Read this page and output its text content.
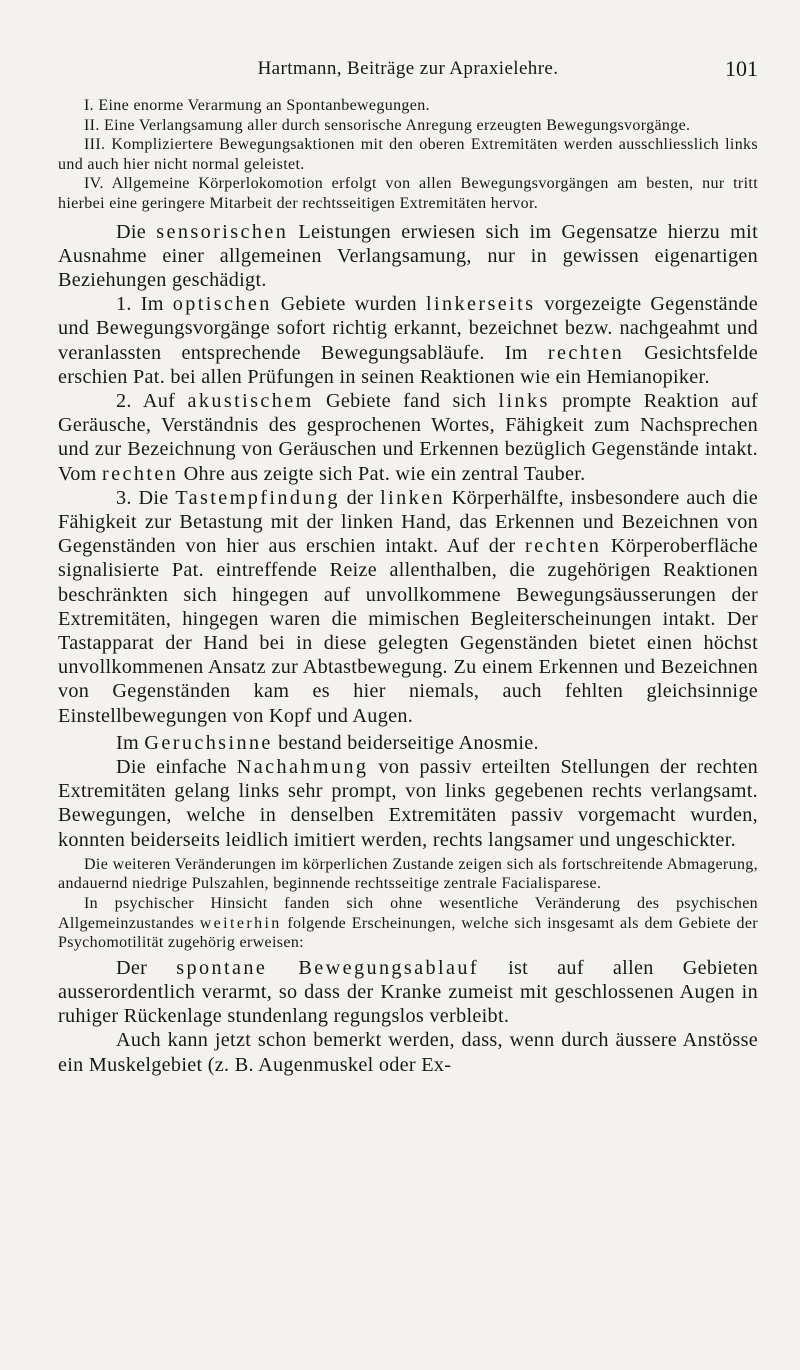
Hartmann, Beiträge zur Apraxielehre.	101

I. Eine enorme Verarmung an Spontanbewegungen.

II. Eine Verlangsamung aller durch sensorische Anregung erzeugten Bewegungsvorgänge.

III. Kompliziertere Bewegungsaktionen mit den oberen Extremitäten werden ausschliesslich links und auch hier nicht normal geleistet.

IV. Allgemeine Körperlokomotion erfolgt von allen Bewegungsvorgängen am besten, nur tritt hierbei eine geringere Mitarbeit der rechtsseitigen Extremitäten hervor.

Die sensorischen Leistungen erwiesen sich im Gegensatze hierzu mit Ausnahme einer allgemeinen Verlangsamung, nur in gewissen eigenartigen Beziehungen geschädigt.

1. Im optischen Gebiete wurden linkerseits vorgezeigte Gegenstände und Bewegungsvorgänge sofort richtig erkannt, bezeichnet bezw. nachgeahmt und veranlassten entsprechende Bewegungsabläufe. Im rechten Gesichtsfelde erschien Pat. bei allen Prüfungen in seinen Reaktionen wie ein Hemianopiker.

2. Auf akustischem Gebiete fand sich links prompte Reaktion auf Geräusche, Verständnis des gesprochenen Wortes, Fähigkeit zum Nachsprechen und zur Bezeichnung von Geräuschen und Erkennen bezüglich Gegenstände intakt. Vom rechten Ohre aus zeigte sich Pat. wie ein zentral Tauber.

3. Die Tastempfindung der linken Körperhälfte, insbesondere auch die Fähigkeit zur Betastung mit der linken Hand, das Erkennen und Bezeichnen von Gegenständen von hier aus erschien intakt. Auf der rechten Körperoberfläche signalisierte Pat. eintreffende Reize allenthalben, die zugehörigen Reaktionen beschränkten sich hingegen auf unvollkommene Bewegungsäusserungen der Extremitäten, hingegen waren die mimischen Begleiterscheinungen intakt. Der Tastapparat der Hand bei in diese gelegten Gegenständen bietet einen höchst unvollkommenen Ansatz zur Abtastbewegung. Zu einem Erkennen und Bezeichnen von Gegenständen kam es hier niemals, auch fehlten gleichsinnige Einstellbewegungen von Kopf und Augen.

Im Geruchsinne bestand beiderseitige Anosmie.

Die einfache Nachahmung von passiv erteilten Stellungen der rechten Extremitäten gelang links sehr prompt, von links gegebenen rechts verlangsamt. Bewegungen, welche in denselben Extremitäten passiv vorgemacht wurden, konnten beiderseits leidlich imitiert werden, rechts langsamer und ungeschickter.

Die weiteren Veränderungen im körperlichen Zustande zeigen sich als fortschreitende Abmagerung, andauernd niedrige Pulszahlen, beginnende rechtsseitige zentrale Facialisparese.

In psychischer Hinsicht fanden sich ohne wesentliche Veränderung des psychischen Allgemeinzustandes weiterhin folgende Erscheinungen, welche sich insgesamt als dem Gebiete der Psychomotilität zugehörig erweisen:

Der spontane Bewegungsablauf ist auf allen Gebieten ausserordentlich verarmt, so dass der Kranke zumeist mit geschlossenen Augen in ruhiger Rückenlage stundenlang regungslos verbleibt.

Auch kann jetzt schon bemerkt werden, dass, wenn durch äussere Anstösse ein Muskelgebiet (z. B. Augenmuskel oder Ex-
